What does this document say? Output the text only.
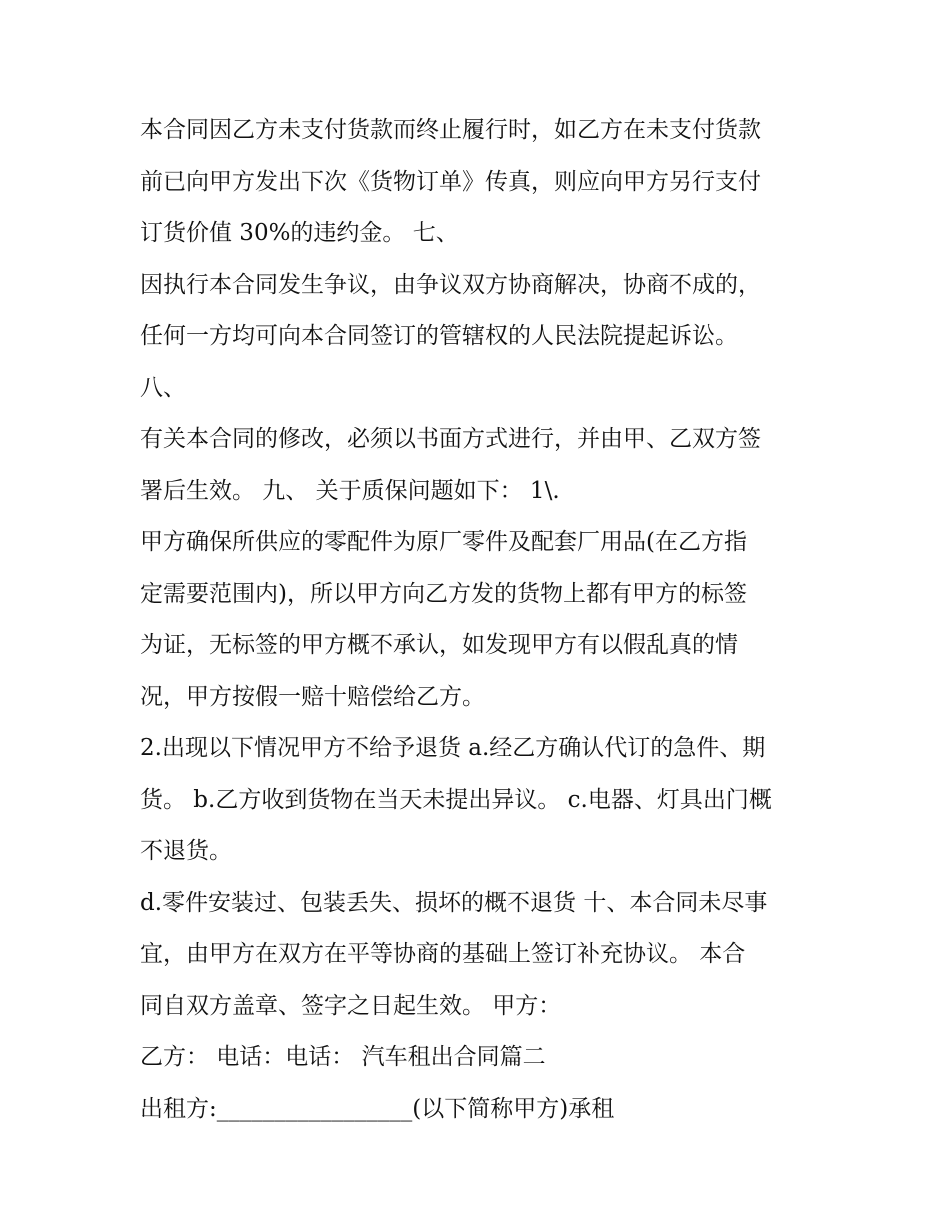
本合同因乙方未支付货款而终止履行时，如乙方在未支付货款
前已向甲方发出下次《货物订单》传真，则应向甲方另行支付
订货价值 30%的违约金。 七、
因执行本合同发生争议，由争议双方协商解决，协商不成的，
任何一方均可向本合同签订的管辖权的人民法院提起诉讼。
八、
有关本合同的修改，必须以书面方式进行，并由甲、乙双方签
署后生效。 九、 关于质保问题如下： 1\.
甲方确保所供应的零配件为原厂零件及配套厂用品(在乙方指
定需要范围内)，所以甲方向乙方发的货物上都有甲方的标签
为证，无标签的甲方概不承认，如发现甲方有以假乱真的情
况，甲方按假一赔十赔偿给乙方。
2.出现以下情况甲方不给予退货 a.经乙方确认代订的急件、期
货。 b.乙方收到货物在当天未提出异议。 c.电器、灯具出门概
不退货。
d.零件安装过、包装丢失、损坏的概不退货 十、本合同未尽事
宜，由甲方在双方在平等协商的基础上签订补充协议。 本合
同自双方盖章、签字之日起生效。 甲方：
乙方： 电话：电话： 汽车租出合同篇二
出租方:_________________(以下简称甲方)承租
